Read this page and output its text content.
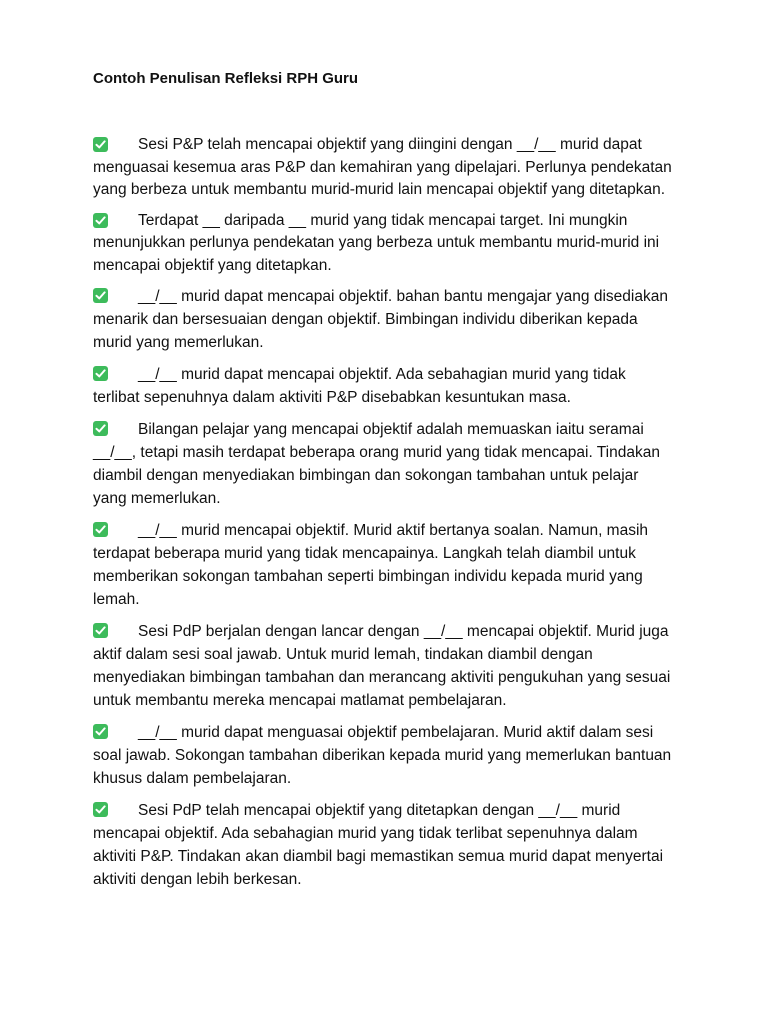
Contoh Penulisan Refleksi RPH Guru
Sesi P&P telah mencapai objektif yang diingini dengan __/__ murid dapat menguasai kesemua aras P&P dan kemahiran yang dipelajari. Perlunya pendekatan yang berbeza untuk membantu murid-murid lain mencapai objektif yang ditetapkan.
Terdapat __ daripada __ murid yang tidak mencapai target. Ini mungkin menunjukkan perlunya pendekatan yang berbeza untuk membantu murid-murid ini mencapai objektif yang ditetapkan.
__/__ murid dapat mencapai objektif. bahan bantu mengajar yang disediakan menarik dan bersesuaian dengan objektif. Bimbingan individu diberikan kepada murid yang memerlukan.
__/__ murid dapat mencapai objektif. Ada sebahagian murid yang tidak terlibat sepenuhnya dalam aktiviti P&P disebabkan kesuntukan masa.
Bilangan pelajar yang mencapai objektif adalah memuaskan iaitu seramai __/__, tetapi masih terdapat beberapa orang murid yang tidak mencapai. Tindakan diambil dengan menyediakan bimbingan dan sokongan tambahan untuk pelajar yang memerlukan.
__/__ murid mencapai objektif. Murid aktif bertanya soalan. Namun, masih terdapat beberapa murid yang tidak mencapainya. Langkah telah diambil untuk memberikan sokongan tambahan seperti bimbingan individu kepada murid yang lemah.
Sesi PdP berjalan dengan lancar dengan __/__ mencapai objektif. Murid juga aktif dalam sesi soal jawab. Untuk murid lemah, tindakan diambil dengan menyediakan bimbingan tambahan dan merancang aktiviti pengukuhan yang sesuai untuk membantu mereka mencapai matlamat pembelajaran.
__/__ murid dapat menguasai objektif pembelajaran. Murid aktif dalam sesi soal jawab. Sokongan tambahan diberikan kepada murid yang memerlukan bantuan khusus dalam pembelajaran.
Sesi PdP telah mencapai objektif yang ditetapkan dengan __/__ murid mencapai objektif. Ada sebahagian murid yang tidak terlibat sepenuhnya dalam aktiviti P&P. Tindakan akan diambil bagi memastikan semua murid dapat menyertai aktiviti dengan lebih berkesan.
